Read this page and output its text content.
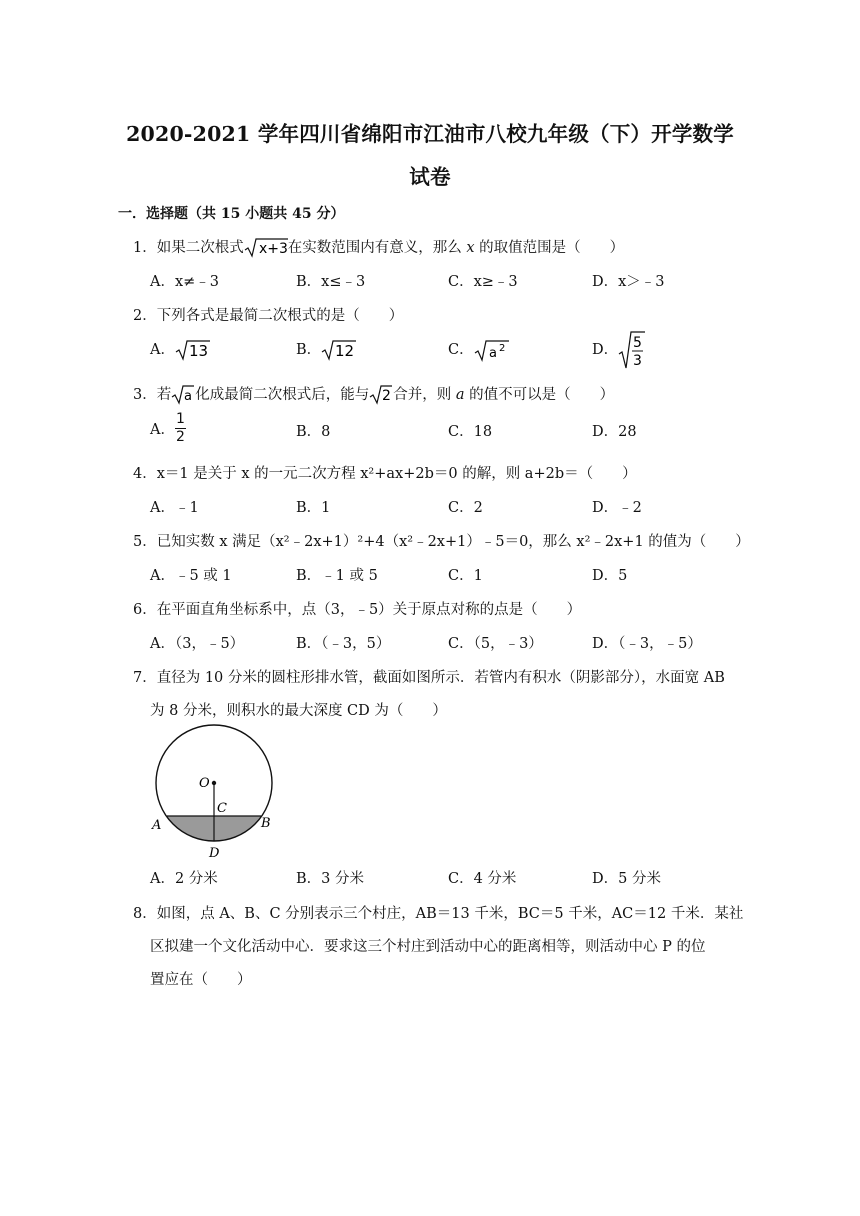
2020-2021 学年四川省绵阳市江油市八校九年级（下）开学数学
试卷
一．选择题（共 15 小题共 45 分）
1．如果二次根式 x+3 在实数范围内有意义，那么 x 的取值范围是（　　）
A．x≠﹣3	B．x≤﹣3	C．x≥﹣3	D．x＞﹣3
2．下列各式是最简二次根式的是（　　）
A． 13	B． 12	C． a 2	D． 5
3
3．若 a 化成最简二次根式后，能与 2 合并，则 a 的值不可以是（　　）
A． $\frac{1}{2}$	B．8	C．18	D．28
4．x＝1 是关于 x 的一元二次方程 x²+ax+2b＝0 的解，则 a+2b＝（　　）
A．﹣1	B．1	C．2	D．﹣2
5．已知实数 x 满足（x²﹣2x+1）²+4（x²﹣2x+1）﹣5＝0，那么 x²﹣2x+1 的值为（　　）
A．﹣5 或 1	B．﹣1 或 5	C．1	D．5
6．在平面直角坐标系中，点（3，﹣5）关于原点对称的点是（　　）
A．（3，﹣5）	B．（﹣3，5）	C．（5，﹣3）	D．（﹣3，﹣5）
7．直径为 10 分米的圆柱形排水管，截面如图所示．若管内有积水（阴影部分），水面宽 AB
为 8 分米，则积水的最大深度 CD 为（　　）
O
C
A	B
D
A．2 分米	B．3 分米	C．4 分米	D．5 分米
8．如图，点 A、B、C 分别表示三个村庄，AB＝13 千米，BC＝5 千米，AC＝12 千米．某社
区拟建一个文化活动中心．要求这三个村庄到活动中心的距离相等，则活动中心 P 的位
置应在（　　）
